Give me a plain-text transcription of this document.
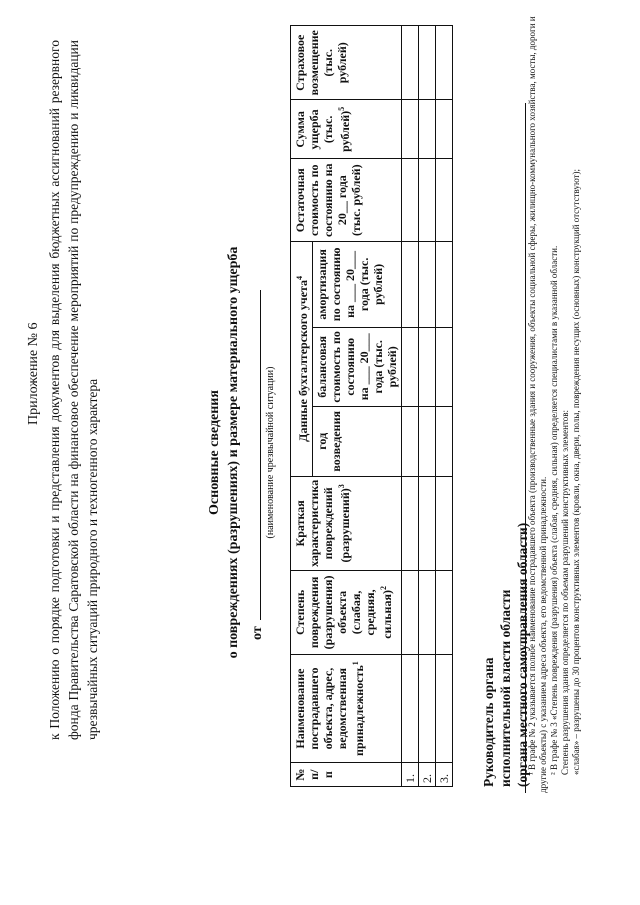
Приложение № 6 к Положению о порядке подготовки и представления документов для выделения бюджетных ассигнований резервного фонда Правительства Саратовской области на финансовое обеспечение мероприятий по предупреждению и ликвидации чрезвычайных ситуаций природного и техногенного характера	Основные сведения о повреждениях (разрушениях) и размере материального ущерба от
(наименование чрезвычайной ситуации)
№ п/п	Наименование пострадавшего объекта, адрес, ведомственная принадлежность$^1$	Степень повреждения (разрушения) объекта (слабая, средняя, сильная)$^2$	Краткая характеристика повреждений (разрушений)$^3$	Данные бухгалтерского учета$^4$			Остаточная стоимость по состоянию на 20__ года (тыс. рублей)	Сумма ущерба (тыс. рублей)$^5$	Страховое возмещение (тыс. рублей)
				год возведения	балансовая стоимость по состоянию на ___ 20___ года (тыс. рублей)	амортизация по состоянию на ___ 20___ года (тыс. рублей)			
1.									
2.									
3.									Руководитель органа исполнительной власти области (органа местного самоуправления области)

¹ В графе № 2 указывается полное наименование пострадавшего объекта (производственные здания и сооружения, объекты социальной сферы, жилищно-коммунального хозяйства, мосты, дороги и другие объекты) с указанием адреса объекта, его ведомственной принадлежности. ² В графе № 3 «Степень повреждения (разрушения) объекта (слабая, средняя, сильная) определяется специалистами в указанной области. Степень разрушения здания определяется по объемам разрушений конструктивных элементов: «слабая» – разрушены до 30 процентов конструктивных элементов (кровли, окна, двери, полы, повреждения несущих (основных) конструкций отсутствуют);
